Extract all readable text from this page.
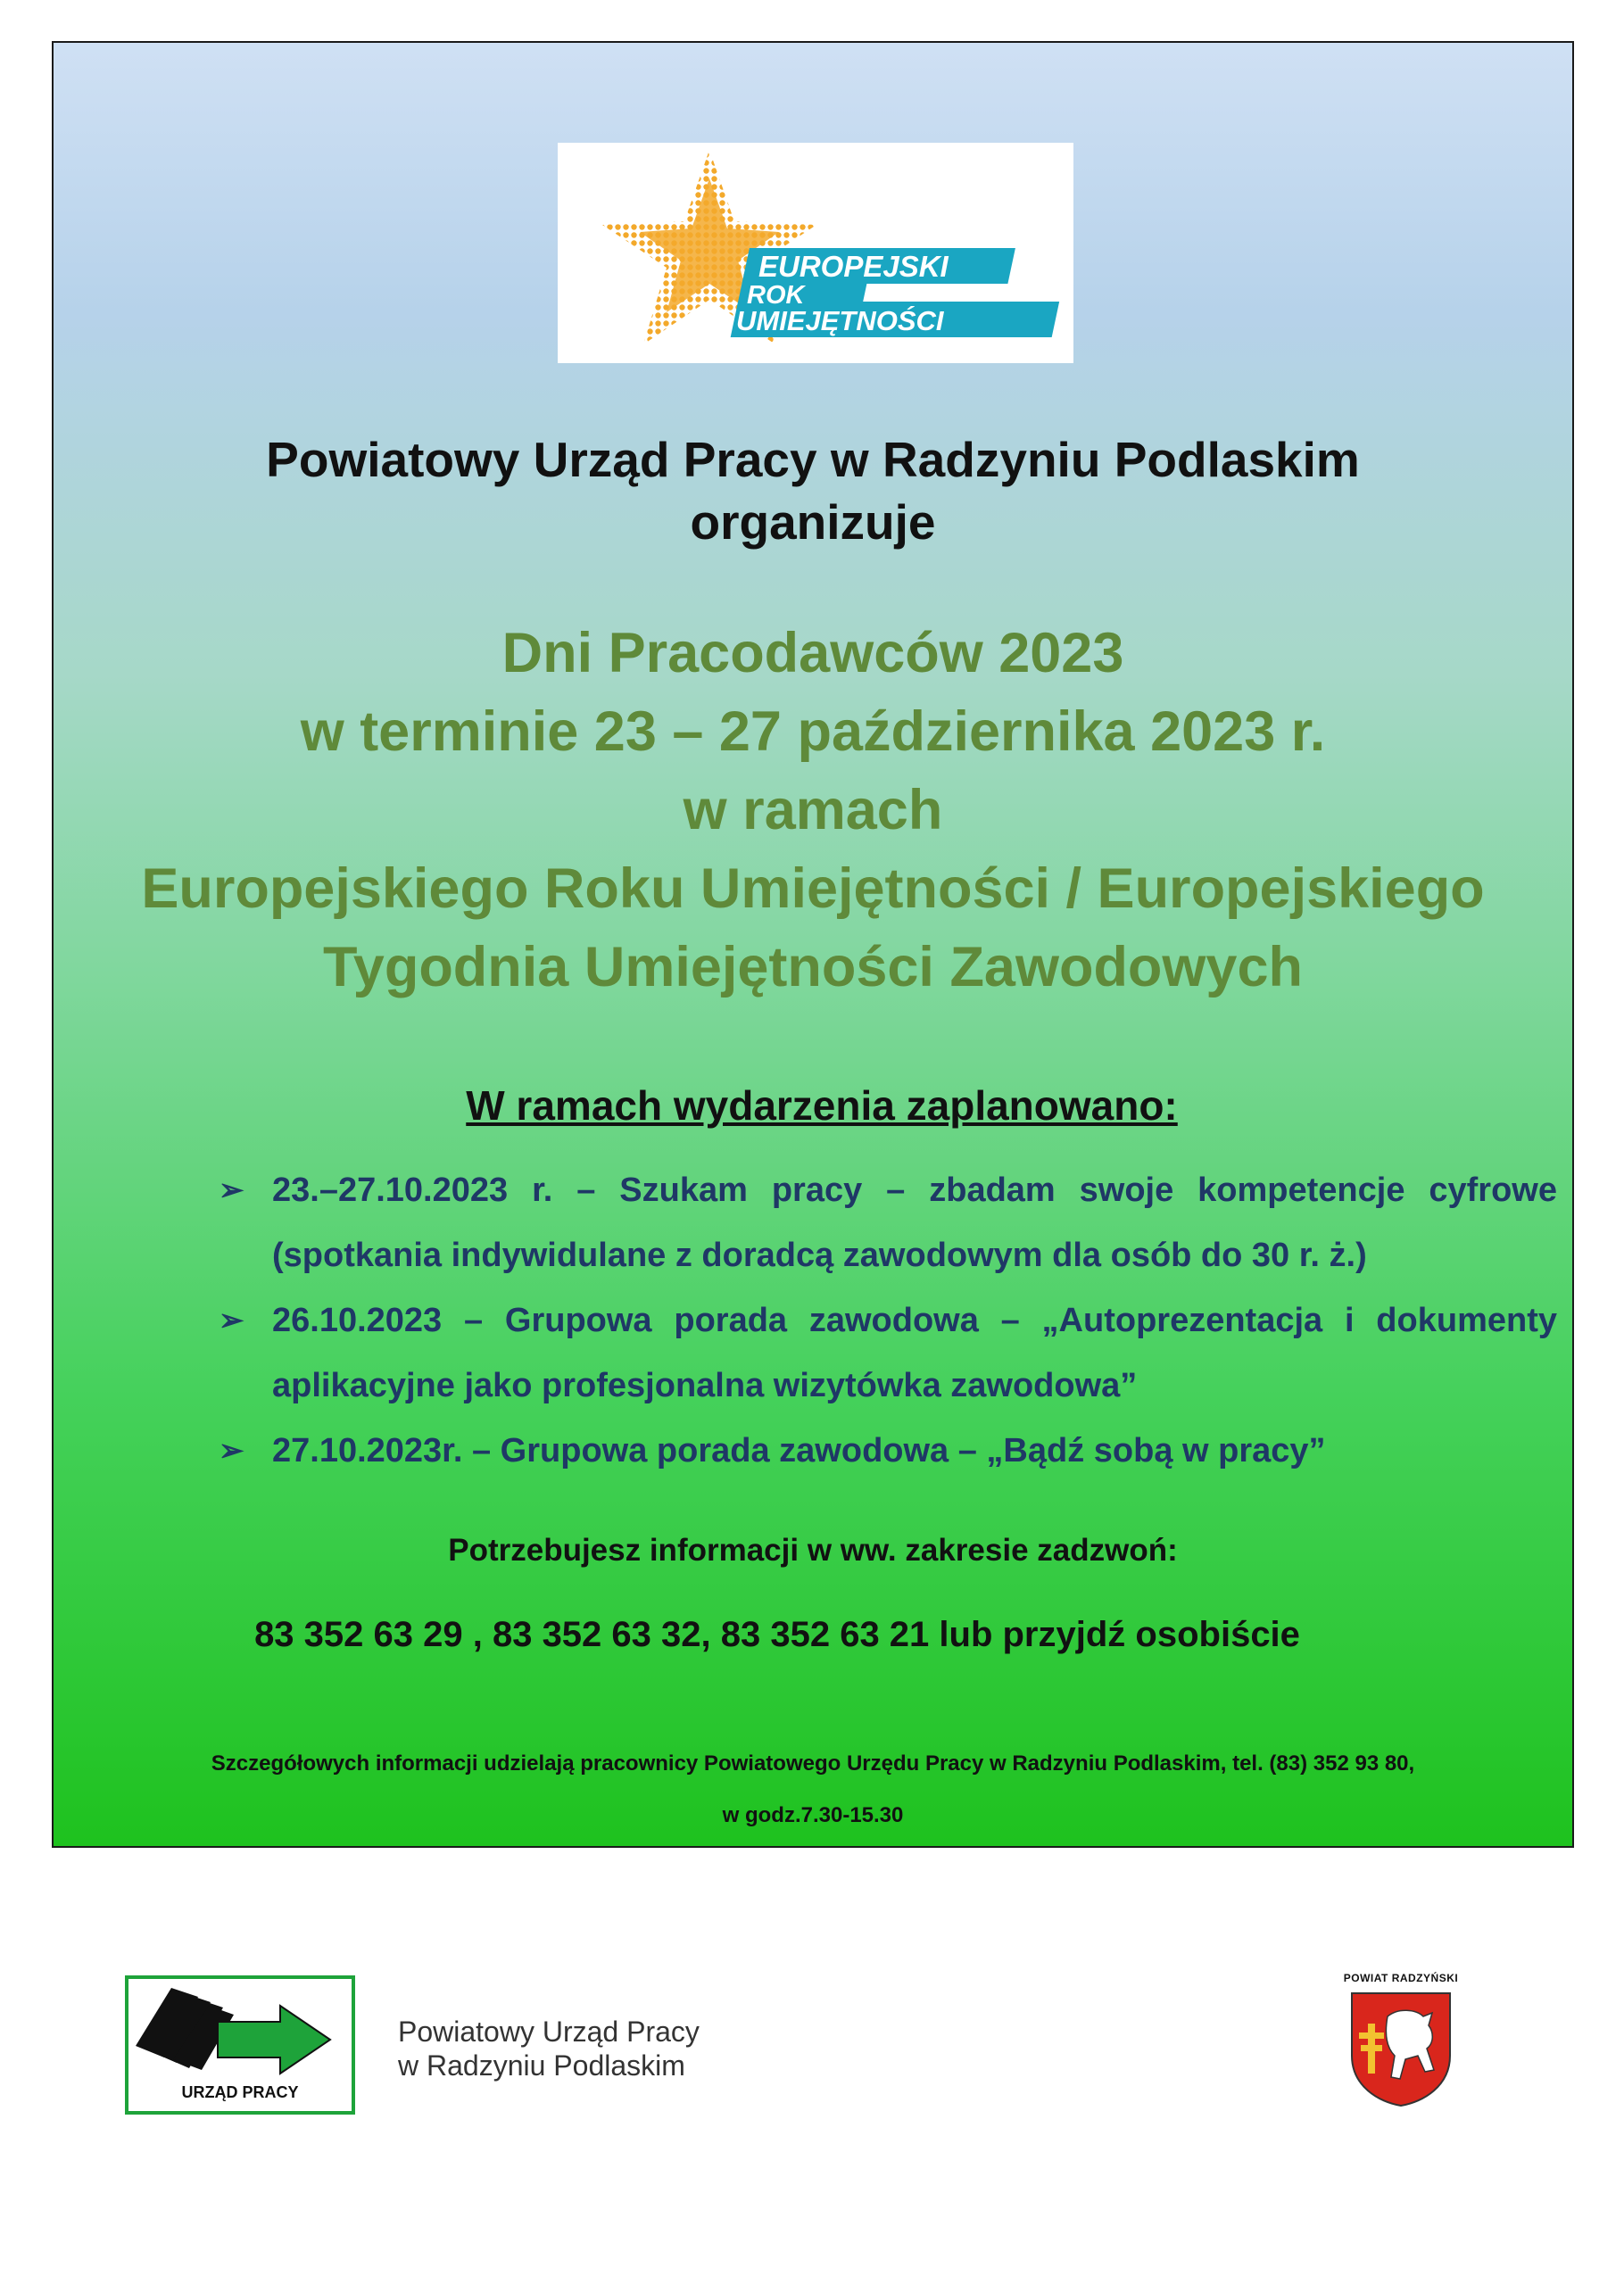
EUROPEJSKI
ROK
UMIEJĘTNOŚCI
Powiatowy Urząd Pracy w Radzyniu Podlaskim
organizuje
Dni Pracodawców 2023
w terminie 23 – 27 października 2023 r.
w ramach
Europejskiego Roku Umiejętności / Europejskiego
Tygodnia Umiejętności Zawodowych
W ramach wydarzenia zaplanowano:
➢ 23.–27.10.2023 r. – Szukam pracy – zbadam swoje kompetencje cyfrowe (spotkania indywidulane z doradcą zawodowym dla osób do 30 r. ż.)
➢ 26.10.2023 – Grupowa porada zawodowa – „Autoprezentacja i dokumenty aplikacyjne jako profesjonalna wizytówka zawodowa”
➢ 27.10.2023r. – Grupowa porada zawodowa – „Bądź sobą w pracy”
Potrzebujesz informacji w ww. zakresie zadzwoń:
83 352 63 29 , 83 352 63 32, 83 352 63 21 lub przyjdź osobiście
Szczegółowych informacji udzielają pracownicy Powiatowego Urzędu Pracy w Radzyniu Podlaskim, tel. (83) 352 93 80,
w godz.7.30-15.30
URZĄD PRACY
Powiatowy Urząd Pracy
w Radzyniu Podlaskim
POWIAT RADZYŃSKI
